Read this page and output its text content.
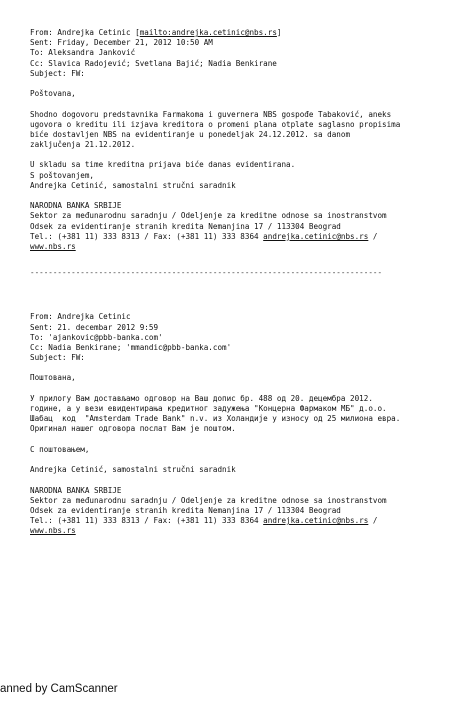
From: Andrejka Cetinic [mailto:andrejka.cetinic@nbs.rs]
Sent: Friday, December 21, 2012 10:50 AM
To: Aleksandra Janković
Cc: Slavica Radojević; Svetlana Bajić; Nadia Benkirane
Subject: FW:
Poštovana,
Shodno dogovoru predstavnika Farmakoma i guvernera NBS gospođe Tabaković, aneks
ugovora o kreditu ili izjava kreditora o promeni plana otplate saglasno propisima
biće dostavljen NBS na evidentiranje u ponedeljak 24.12.2012. sa danom
zaključenja 21.12.2012.
U skladu sa time kreditna prijava biće danas evidentirana.
S poštovanjem,
Andrejka Cetinić, samostalni stručni saradnik
NARODNA BANKA SRBIJE
Sektor za međunarodnu saradnju / Odeljenje za kreditne odnose sa inostranstvom
Odsek za evidentiranje stranih kredita Nemanjina 17 / 113304 Beograd
Tel.: (+381 11) 333 8313 / Fax: (+381 11) 333 8364 andrejka.cetinic@nbs.rs /
www.nbs.rs
-----------------------------------------------------------------------------
From: Andrejka Cetinic
Sent: 21. decembar 2012 9:59
To: 'ajankovic@pbb-banka.com'
Cc: Nadia Benkirane; 'mmandic@pbb-banka.com'
Subject: FW:
Поштована,
У прилогу Вам достављамо одговор на Ваш допис бр. 488 од 20. децембра 2012.
године, а у вези евидентирања кредитног задужења "Концерна Фармаком МБ" д.о.о.
Шабац  код  "Amsterdam Trade Bank" n.v. из Холандије у износу од 25 милиона евра.
Оригинал нашег одговора послат Вам је поштом.
С поштовањем,
Andrejka Cetinić, samostalni stručni saradnik
NARODNA BANKA SRBIJE
Sektor za međunarodnu saradnju / Odeljenje za kreditne odnose sa inostranstvom
Odsek za evidentiranje stranih kredita Nemanjina 17 / 113304 Beograd
Tel.: (+381 11) 333 8313 / Fax: (+381 11) 333 8364 andrejka.cetinic@nbs.rs /
www.nbs.rs
anned by CamScanner
